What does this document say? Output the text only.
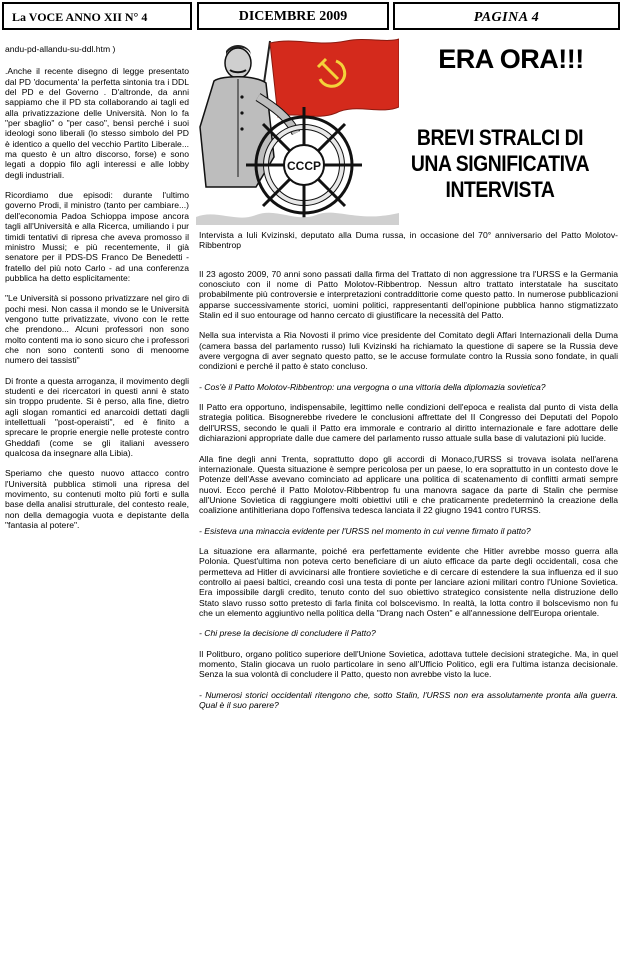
La VOCE ANNO XII N° 4	DICEMBRE 2009	PAGINA 4

andu-pd-allandu-su-ddl.htm )

.Anche il recente disegno di legge presentato dal PD 'documenta' la perfetta sintonia tra i DDL del PD e del Governo . D'altronde, da anni sappiamo che il PD sta collaborando ai tagli ed alla privatizzazione delle Università. Non lo fa "per sbaglio" o "per caso", bensì perché i suoi ideologi sono liberali (lo stesso simbolo del PD è identico a quello del vecchio Partito Liberale... ma questo è un altro discorso, forse) e sono legati a doppio filo agli interessi e alle lobby degli industriali.

Ricordiamo due episodi: durante l'ultimo governo Prodi, il ministro (tanto per cambiare...) dell'economia Padoa Schioppa impose ancora tagli all'Università e alla Ricerca, umiliando i pur timidi tentativi di ripresa che aveva promosso il ministro Mussi; e più recentemente, il già senatore per il PDS-DS Franco De Benedetti - fratello del più noto Carlo - ad una conferenza pubblica ha detto esplicitamente:

"Le Università si possono privatizzare nel giro di pochi mesi. Non cassa il mondo se le Università vengono tutte privatizzate, vivono con le rette che prendono... Alcuni professori non sono molto contenti ma io sono sicuro che i professori che non sono contenti sono di menoome numero dei tassisti"

Di fronte a questa arroganza, il movimento degli studenti e dei ricercatori in questi anni è stato sin troppo prudente. Si è perso, alla fine, dietro agli slogan romantici ed anarcoidi dettati dagli intellettuali "post-operaisti", ed è finito a sprecare le proprie energie nelle proteste contro Gheddafi (come se gli italiani avessero qualcosa da insegnare alla Libia).

Speriamo che questo nuovo attacco contro l'Università pubblica stimoli una ripresa del movimento, su contenuti molto più forti e sulla base della analisi strutturale, del contesto reale, non della demagogia vuota e depistante della "fantasia al potere".

CCCP
ERA ORA!!!
BREVI STRALCI DI
UNA SIGNIFICATIVA
INTERVISTA

Intervista a Iuli Kvizinski, deputato alla Duma russa, in occasione del 70° anniversario del Patto Molotov-Ribbentrop

Il 23 agosto 2009, 70 anni sono passati dalla firma del Trattato di non aggressione tra l'URSS e la Germania conosciuto con il nome di Patto Molotov-Ribbentrop. Nessun altro trattato interstatale ha suscitato probabilmente più controversie e interpretazioni contraddittorie come questo patto. In numerose pubblicazioni apparse successivamente storici, uomini politici, rappresentanti dell'opinione pubblica hanno stigmatizzato Stalin ed il suo entourage od hanno cercato di giustificare la necessità del Patto.

Nella sua intervista a Ria Novosti il primo vice presidente del Comitato degli Affari Internazionali della Duma (camera bassa del parlamento russo) Iuli Kvizinski ha richiamato la questione di sapere se la Russia deve avere vergogna di aver segnato questo patto, se le accuse formulate contro la Russia sono fondate, in quali condizioni e perché il patto è stato concluso.

- Cos'è il Patto Molotov-Ribbentrop: una vergogna o una vittoria della diplomazia sovietica?

Il Patto era opportuno, indispensabile, legittimo nelle condizioni dell'epoca e realista dal punto di vista della strategia politica. Bisognerebbe rivedere le conclusioni affrettate del II Congresso dei Deputati del Popolo dell'URSS, secondo le quali il Patto era immorale e contrario al diritto internazionale e fare adottare delle dichiarazioni appropriate dalle due camere del parlamento russo attuale sulla base di valutazioni più lucide.

Alla fine degli anni Trenta, soprattutto dopo gli accordi di Monaco,l'URSS si trovava isolata nell'arena internazionale. Questa situazione è sempre pericolosa per un paese, lo era soprattutto in un contesto dove le Potenze dell'Asse avevano cominciato ad applicare una politica di scatenamento di conflitti armati sempre nuovi. Ecco perché il Patto Molotov-Ribbentrop fu una manovra sagace da parte di Stalin che permise all'Unione Sovietica di raggiungere molti obiettivi utili e che praticamente predeterminò la creazione della coalizione antihitleriana dopo l'offensiva tedesca lanciata il 22 giugno 1941 contro l'URSS.

- Esisteva una minaccia evidente per l'URSS nel momento in cui venne firmato il patto?

La situazione era allarmante, poiché era perfettamente evidente che Hitler avrebbe mosso guerra alla Polonia. Quest'ultima non poteva certo beneficiare di un aiuto efficace da parte degli occidentali, cosa che permetteva ad Hitler di avvicinarsi alle frontiere sovietiche e di cercare di estendere la sua influenza ed il suo controllo ai paesi baltici, creando così una testa di ponte per lanciare azioni militari contro l'Unione Sovietica. Era impossibile dargli credito, tenuto conto del suo obiettivo strategico consistente nella distruzione dello Stato slavo russo sotto pretesto di farla finita col bolscevismo. In realtà, la lotta contro il bolscevismo non fu che un elemento aggiuntivo nella politica della "Drang nach Osten" e all'annessione dell'Europa orientale.

- Chi prese la decisione di concludere il Patto?

Il Politburo, organo politico superiore dell'Unione Sovietica, adottava tuttele decisioni strategiche. Ma, in quel momento, Stalin giocava un ruolo particolare in seno all'Ufficio Politico, egli era l'ultima istanza decisionale. Senza la sua volontà di concludere il Patto, questo non avrebbe visto la luce.

- Numerosi storici occidentali ritengono che, sotto Stalin, l'URSS non era assolutamente pronta alla guerra. Qual è il suo parere?
